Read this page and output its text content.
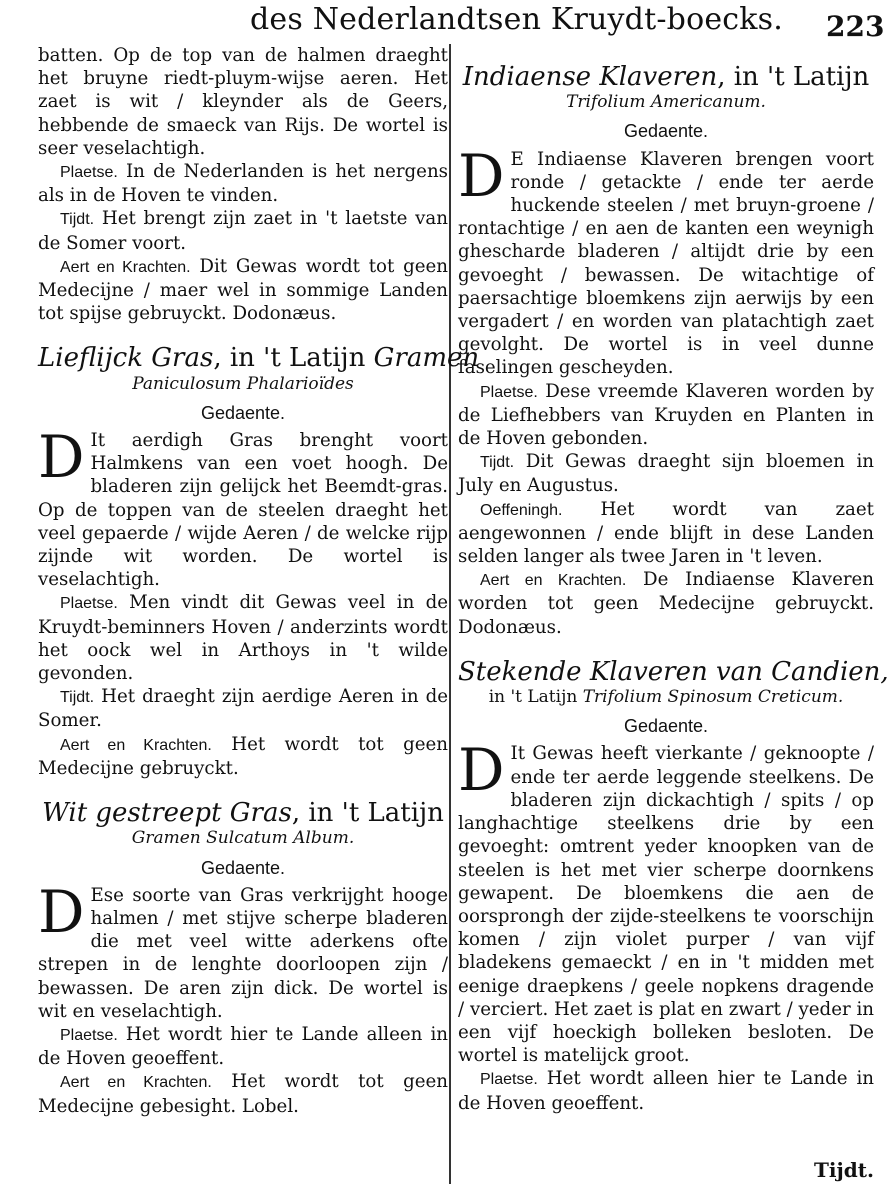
des Nederlandtsen Kruydt-boecks. 223

batten. Op de top van de halmen draeght het bruyne riedt-pluym-wijse aeren. Het zaet is wit / kleynder als de Geers, hebbende de smaeck van Rijs. De wortel is seer veselachtigh.

Plaetse. In de Nederlanden is het nergens als in de Hoven te vinden.

Tijdt. Het brengt zijn zaet in 't laetste van de Somer voort.

Aert en Krachten. Dit Gewas wordt tot geen Medecijne / maer wel in sommige Landen tot spijse gebruyckt. Dodonæus.

Lieflijck Gras, in 't Latijn Gramen
Paniculosum Phalarioïdes
Gedaente.

D It aerdigh Gras brenght voort Halmkens van een voet hoogh. De bladeren zijn gelijck het Beemdt-gras. Op de toppen van de steelen draeght het veel gepaerde / wijde Aeren / de welcke rijp zijnde wit worden. De wortel is veselachtigh.

Plaetse. Men vindt dit Gewas veel in de Kruydt-beminners Hoven / anderzints wordt het oock wel in Arthoys in 't wilde gevonden.

Tijdt. Het draeght zijn aerdige Aeren in de Somer.

Aert en Krachten. Het wordt tot geen Medecijne gebruyckt.

Wit gestreept Gras, in 't Latijn
Gramen Sulcatum Album.
Gedaente.

D Ese soorte van Gras verkrijght hooge halmen / met stijve scherpe bladeren die met veel witte aderkens ofte strepen in de lenghte doorloopen zijn / bewassen. De aren zijn dick. De wortel is wit en veselachtigh.

Plaetse. Het wordt hier te Lande alleen in de Hoven geoeffent.

Aert en Krachten. Het wordt tot geen Medecijne gebesight. Lobel.

Indiaense Klaveren, in 't Latijn
Trifolium Americanum.
Gedaente.

D E Indiaense Klaveren brengen voort ronde / getackte / ende ter aerde huckende steelen / met bruyn-groene / rontachtige / en aen de kanten een weynigh ghescharde bladeren / altijdt drie by een gevoeght / bewassen. De witachtige of paersachtige bloemkens zijn aerwijs by een vergadert / en worden van platachtigh zaet gevolght. De wortel is in veel dunne faselingen gescheyden.

Plaetse. Dese vreemde Klaveren worden by de Liefhebbers van Kruyden en Planten in de Hoven gebonden.

Tijdt. Dit Gewas draeght sijn bloemen in July en Augustus.

Oeffeningh. Het wordt van zaet aengewonnen / ende blijft in dese Landen selden langer als twee Jaren in 't leven.

Aert en Krachten. De Indiaense Klaveren worden tot geen Medecijne gebruyckt. Dodonæus.

Stekende Klaveren van Candien,
in 't Latijn Trifolium Spinosum Creticum.
Gedaente.

D It Gewas heeft vierkante / geknoopte / ende ter aerde leggende steelkens. De bladeren zijn dickachtigh / spits / op langhachtige steelkens drie by een gevoeght: omtrent yeder knoopken van de steelen is het met vier scherpe doornkens gewapent. De bloemkens die aen de oorsprongh der zijde-steelkens te voorschijn komen / zijn violet purper / van vijf bladekens gemaeckt / en in 't midden met eenige draepkens / geele nopkens dragende / verciert. Het zaet is plat en zwart / yeder in een vijf hoeckigh bolleken besloten. De wortel is matelijck groot.

Plaetse. Het wordt alleen hier te Lande in de Hoven geoeffent.

Tijdt.
